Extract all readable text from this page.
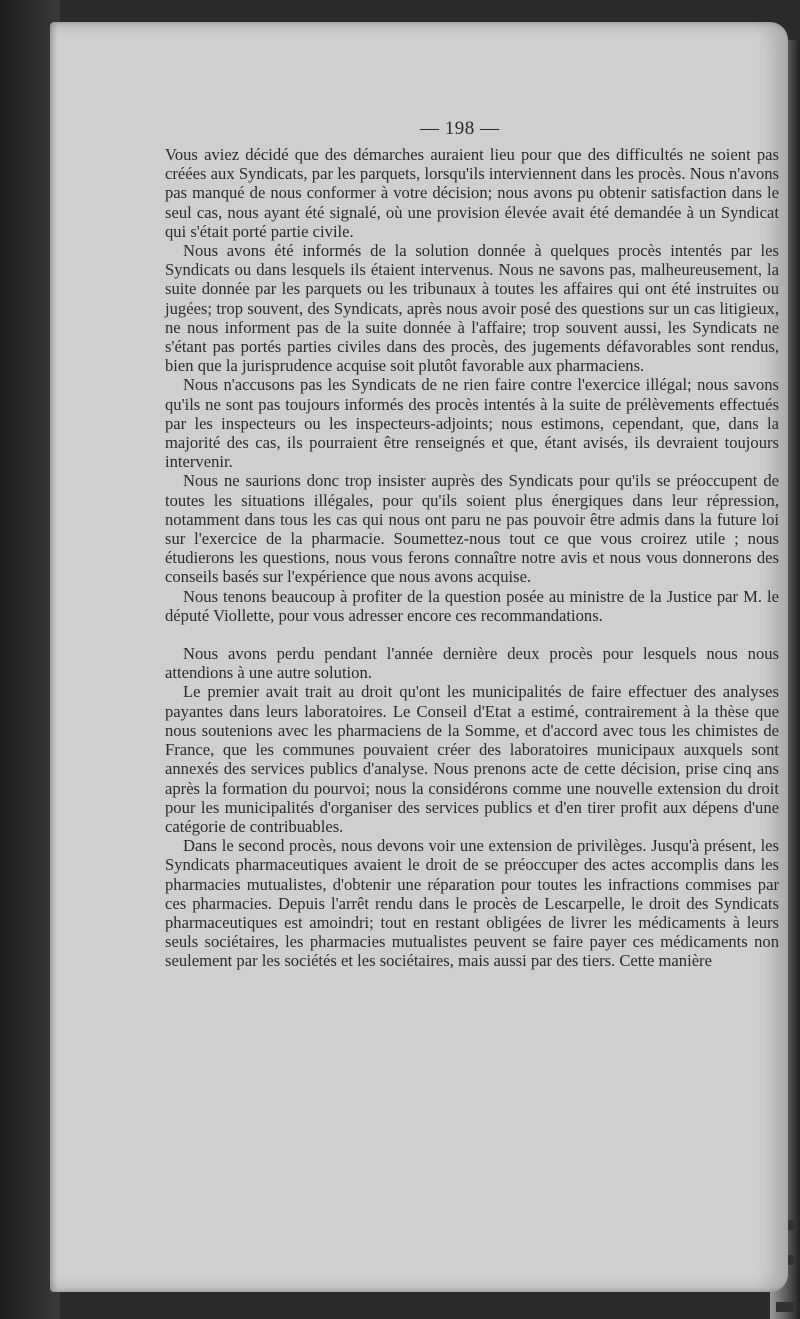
— 198 —

Vous aviez décidé que des démarches auraient lieu pour que des difficultés ne soient pas créées aux Syndicats, par les parquets, lorsqu'ils interviennent dans les procès. Nous n'avons pas manqué de nous conformer à votre décision; nous avons pu obtenir satisfaction dans le seul cas, nous ayant été signalé, où une provision élevée avait été demandée à un Syndicat qui s'était porté partie civile.

Nous avons été informés de la solution donnée à quelques procès intentés par les Syndicats ou dans lesquels ils étaient intervenus. Nous ne savons pas, malheureusement, la suite donnée par les parquets ou les tribunaux à toutes les affaires qui ont été instruites ou jugées; trop souvent, des Syndicats, après nous avoir posé des questions sur un cas litigieux, ne nous informent pas de la suite donnée à l'affaire; trop souvent aussi, les Syndicats ne s'étant pas portés parties civiles dans des procès, des jugements défavorables sont rendus, bien que la jurisprudence acquise soit plutôt favorable aux pharmaciens.

Nous n'accusons pas les Syndicats de ne rien faire contre l'exercice illégal; nous savons qu'ils ne sont pas toujours informés des procès intentés à la suite de prélèvements effectués par les inspecteurs ou les inspecteurs-adjoints; nous estimons, cependant, que, dans la majorité des cas, ils pourraient être renseignés et que, étant avisés, ils devraient toujours intervenir.

Nous ne saurions donc trop insister auprès des Syndicats pour qu'ils se préoccupent de toutes les situations illégales, pour qu'ils soient plus énergiques dans leur répression, notamment dans tous les cas qui nous ont paru ne pas pouvoir être admis dans la future loi sur l'exercice de la pharmacie. Soumettez-nous tout ce que vous croirez utile ; nous étudierons les questions, nous vous ferons connaître notre avis et nous vous donnerons des conseils basés sur l'expérience que nous avons acquise.

Nous tenons beaucoup à profiter de la question posée au ministre de la Justice par M. le député Viollette, pour vous adresser encore ces recommandations.

Nous avons perdu pendant l'année dernière deux procès pour lesquels nous nous attendions à une autre solution.

Le premier avait trait au droit qu'ont les municipalités de faire effectuer des analyses payantes dans leurs laboratoires. Le Conseil d'Etat a estimé, contrairement à la thèse que nous soutenions avec les pharmaciens de la Somme, et d'accord avec tous les chimistes de France, que les communes pouvaient créer des laboratoires municipaux auxquels sont annexés des services publics d'analyse. Nous prenons acte de cette décision, prise cinq ans après la formation du pourvoi; nous la considérons comme une nouvelle extension du droit pour les municipalités d'organiser des services publics et d'en tirer profit aux dépens d'une catégorie de contribuables.

Dans le second procès, nous devons voir une extension de privilèges. Jusqu'à présent, les Syndicats pharmaceutiques avaient le droit de se préoccuper des actes accomplis dans les pharmacies mutualistes, d'obtenir une réparation pour toutes les infractions commises par ces pharmacies. Depuis l'arrêt rendu dans le procès de Lescarpelle, le droit des Syndicats pharmaceutiques est amoindri; tout en restant obligées de livrer les médicaments à leurs seuls sociétaires, les pharmacies mutualistes peuvent se faire payer ces médicaments non seulement par les sociétés et les sociétaires, mais aussi par des tiers. Cette manière
